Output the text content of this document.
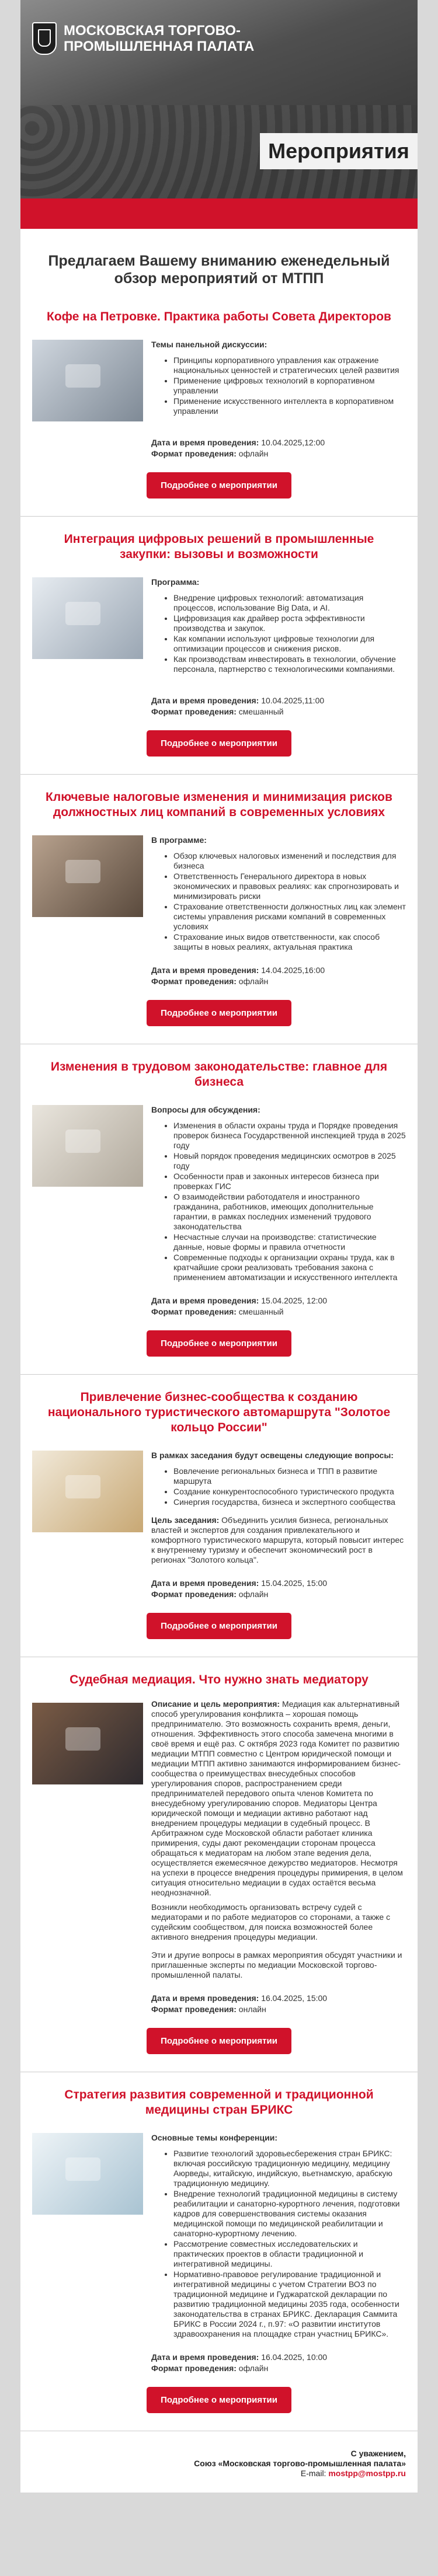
МОСКОВСКАЯ ТОРГОВО-ПРОМЫШЛЕННАЯ ПАЛАТА
Мероприятия
Предлагаем Вашему вниманию еженедельный обзор мероприятий от МТПП
Кофе на Петровке. Практика работы Совета Директоров
Темы панельной дискуссии:
• Принципы корпоративного управления как отражение национальных ценностей и стратегических целей развития
• Применение цифровых технологий в корпоративном управлении
• Применение искусственного интеллекта в корпоративном управлении
Дата и время проведения: 10.04.2025,12:00
Формат проведения: офлайн
Подробнее о мероприятии
Интеграция цифровых решений в промышленные закупки: вызовы и возможности
Программа:
• Внедрение цифровых технологий: автоматизация процессов, использование Big Data, и AI.
• Цифровизация как драйвер роста эффективности производства и закупок.
• Как компании используют цифровые технологии для оптимизации процессов и снижения рисков.
• Как производствам инвестировать в технологии, обучение персонала, партнерство с технологическими компаниями.
Дата и время проведения: 10.04.2025,11:00
Формат проведения: смешанный
Подробнее о мероприятии
Ключевые налоговые изменения и минимизация рисков должностных лиц компаний в современных условиях
В программе:
• Обзор ключевых налоговых изменений и последствия для бизнеса
• Ответственность Генерального директора в новых экономических и правовых реалиях: как спрогнозировать и минимизировать риски
• Страхование ответственности должностных лиц как элемент системы управления рисками компаний в современных условиях
• Страхование иных видов ответственности, как способ защиты в новых реалиях, актуальная практика
Дата и время проведения: 14.04.2025,16:00
Формат проведения: офлайн
Подробнее о мероприятии
Изменения в трудовом законодательстве: главное для бизнеса
Вопросы для обсуждения:
• Изменения в области охраны труда и Порядке проведения проверок бизнеса Государственной инспекцией труда в 2025 году
• Новый порядок проведения медицинских осмотров в 2025 году
• Особенности прав и законных интересов бизнеса при проверках ГИС
• О взаимодействии работодателя и иностранного гражданина, работников, имеющих дополнительные гарантии, в рамках последних изменений трудового законодательства
• Несчастные случаи на производстве: статистические данные, новые формы и правила отчетности
• Современные подходы к организации охраны труда, как в кратчайшие сроки реализовать требования закона с применением автоматизации и искусственного интеллекта
Дата и время проведения: 15.04.2025, 12:00
Формат проведения: смешанный
Подробнее о мероприятии
Привлечение бизнес-сообщества к созданию национального туристического автомаршрута "Золотое кольцо России"
В рамках заседания будут освещены следующие вопросы:
• Вовлечение региональных бизнеса и ТПП в развитие маршрута
• Создание конкурентоспособного туристического продукта
• Синергия государства, бизнеса и экспертного сообщества

Цель заседания: Объединить усилия бизнеса, региональных властей и экспертов для создания привлекательного и комфортного туристического маршрута, который повысит интерес к внутреннему туризму и обеспечит экономический рост в регионах "Золотого кольца".

Дата и время проведения: 15.04.2025, 15:00
Формат проведения: офлайн
Подробнее о мероприятии
Судебная медиация. Что нужно знать медиатору

Описание и цель мероприятия: Медиация как альтернативный способ урегулирования конфликта – хорошая помощь предпринимателю. Это возможность сохранить время, деньги, отношения. Эффективность этого способа замечена многими в своё время и ещё раз. С октября 2023 года Комитет по развитию медиации МТПП совместно с Центром юридической помощи и медиации МТПП активно занимаются информированием бизнес-сообщества о преимуществах внесудебных способов урегулирования споров, распространением среди предпринимателей передового опыта членов Комитета по внесудебному урегулированию споров. Медиаторы Центра юридической помощи и медиации активно работают над внедрением процедуры медиации в судебный процесс. В Арбитражном суде Московской области работает клиника примирения, суды дают рекомендации сторонам процесса обращаться к медиаторам на любом этапе ведения дела, осуществляется ежемесячное дежурство медиаторов. Несмотря на успехи в процессе внедрения процедуры примирения, в целом ситуация относительно медиации в судах остаётся весьма неоднозначной.

Возникли необходимость организовать встречу судей с медиаторами и по работе медиаторов со сторонами, а также с судейским сообществом, для поиска возможностей более активного внедрения процедуры медиации.

Эти и другие вопросы в рамках мероприятия обсудят участники и приглашенные эксперты по медиации Московской торгово-промышленной палаты.

Дата и время проведения: 16.04.2025, 15:00
Формат проведения: онлайн
Подробнее о мероприятии
Стратегия развития современной и традиционной медицины стран БРИКС
Основные темы конференции:
• Развитие технологий здоровьесбережения стран БРИКС: включая российскую традиционную медицину, медицину Аюрведы, китайскую, индийскую, вьетнамскую, арабскую традиционную медицину.
• Внедрение технологий традиционной медицины в систему реабилитации и санаторно-курортного лечения, подготовки кадров для совершенствования системы оказания медицинской помощи по медицинской реабилитации и санаторно-курортному лечению.
• Рассмотрение совместных исследовательских и практических проектов в области традиционной и интегративной медицины.
• Нормативно-правовое регулирование традиционной и интегративной медицины с учетом Стратегии ВОЗ по традиционной медицине и Гуджаратской декларации по развитию традиционной медицины 2035 года, особенности законодательства в странах БРИКС. Декларация Саммита БРИКС в России 2024 г., п.97: «О развитии институтов здравоохранения на площадке стран участниц БРИКС».
Дата и время проведения: 16.04.2025, 10:00
Формат проведения: офлайн
Подробнее о мероприятии
С уважением,
Союз «Московская торгово-промышленная палата»
E-mail: mostpp@mostpp.ru
